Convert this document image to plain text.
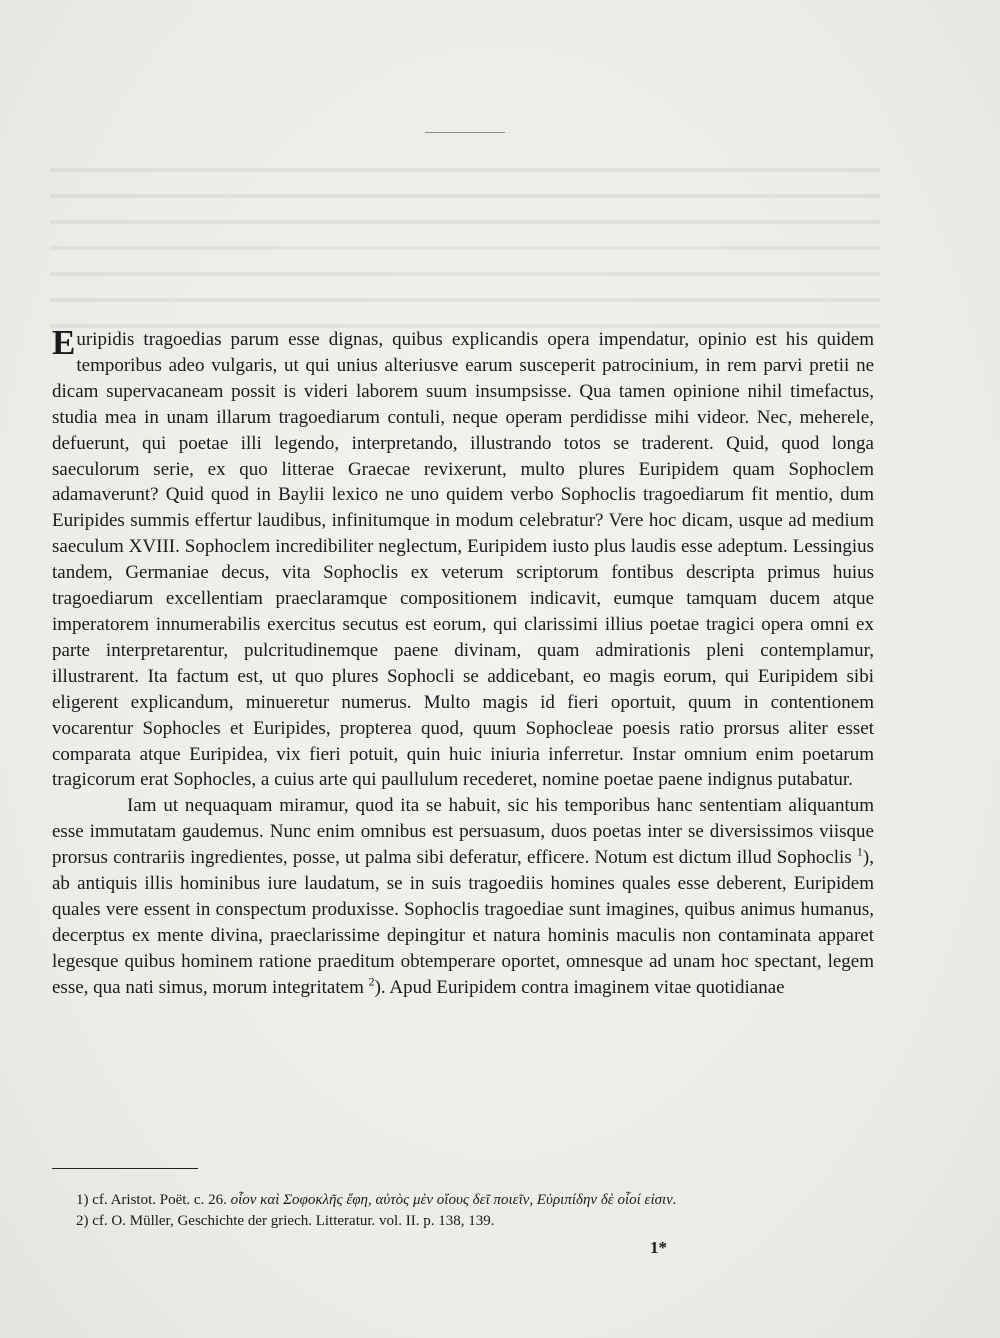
Euripidis tragoedias parum esse dignas, quibus explicandis opera impendatur, opinio est his quidem temporibus adeo vulgaris, ut qui unius alteriusve earum susceperit patrocinium, in rem parvi pretii ne dicam supervacaneam possit is videri laborem suum insumpsisse. Qua tamen opinione nihil timefactus, studia mea in unam illarum tragoediarum contuli, neque operam perdidisse mihi videor. Nec, meherele, defuerunt, qui poetae illi legendo, interpretando, illustrando totos se traderent. Quid, quod longa saeculorum serie, ex quo litterae Graecae revixerunt, multo plures Euripidem quam Sophoclem adamaverunt? Quid quod in Baylii lexico ne uno quidem verbo Sophoclis tragoediarum fit mentio, dum Euripides summis effertur laudibus, infinitumque in modum celebratur? Vere hoc dicam, usque ad medium saeculum XVIII. Sophoclem incredibiliter neglectum, Euripidem iusto plus laudis esse adeptum. Lessingius tandem, Germaniae decus, vita Sophoclis ex veterum scriptorum fontibus descripta primus huius tragoediarum excellentiam praeclaramque compositionem indicavit, eumque tamquam ducem atque imperatorem innumerabilis exercitus secutus est eorum, qui clarissimi illius poetae tragici opera omni ex parte interpretarentur, pulcritudinemque paene divinam, quam admirationis pleni contemplamur, illustrarent. Ita factum est, ut quo plures Sophocli se addicebant, eo magis eorum, qui Euripidem sibi eligerent explicandum, minueretur numerus. Multo magis id fieri oportuit, quum in contentionem vocarentur Sophocles et Euripides, propterea quod, quum Sophocleae poesis ratio prorsus aliter esset comparata atque Euripidea, vix fieri potuit, quin huic iniuria inferretur. Instar omnium enim poetarum tragicorum erat Sophocles, a cuius arte qui paullulum recederet, nomine poetae paene indignus putabatur.

Iam ut nequaquam miramur, quod ita se habuit, sic his temporibus hanc sententiam aliquantum esse immutatam gaudemus. Nunc enim omnibus est persuasum, duos poetas inter se diversissimos viisque prorsus contrariis ingredientes, posse, ut palma sibi deferatur, efficere. Notum est dictum illud Sophoclis $^1$), ab antiquis illis hominibus iure laudatum, se in suis tragoediis homines quales esse deberent, Euripidem quales vere essent in conspectum produxisse. Sophoclis tragoediae sunt imagines, quibus animus humanus, decerptus ex mente divina, praeclarissime depingitur et natura hominis maculis non contaminata apparet legesque quibus hominem ratione praeditum obtemperare oportet, omnesque ad unam hoc spectant, legem esse, qua nati simus, morum integritatem $^2$). Apud Euripidem contra imaginem vitae quotidianae

1) cf. Aristot. Poët. c. 26. οἷον καὶ Σοφοκλῆς ἔφη, αὐτὸς μὲν οἵους δεῖ ποιεῖν, Εὐριπίδην δὲ οἷοί εἰσιν.
2) cf. O. Müller, Geschichte der griech. Litteratur. vol. II. p. 138, 139.
1*
